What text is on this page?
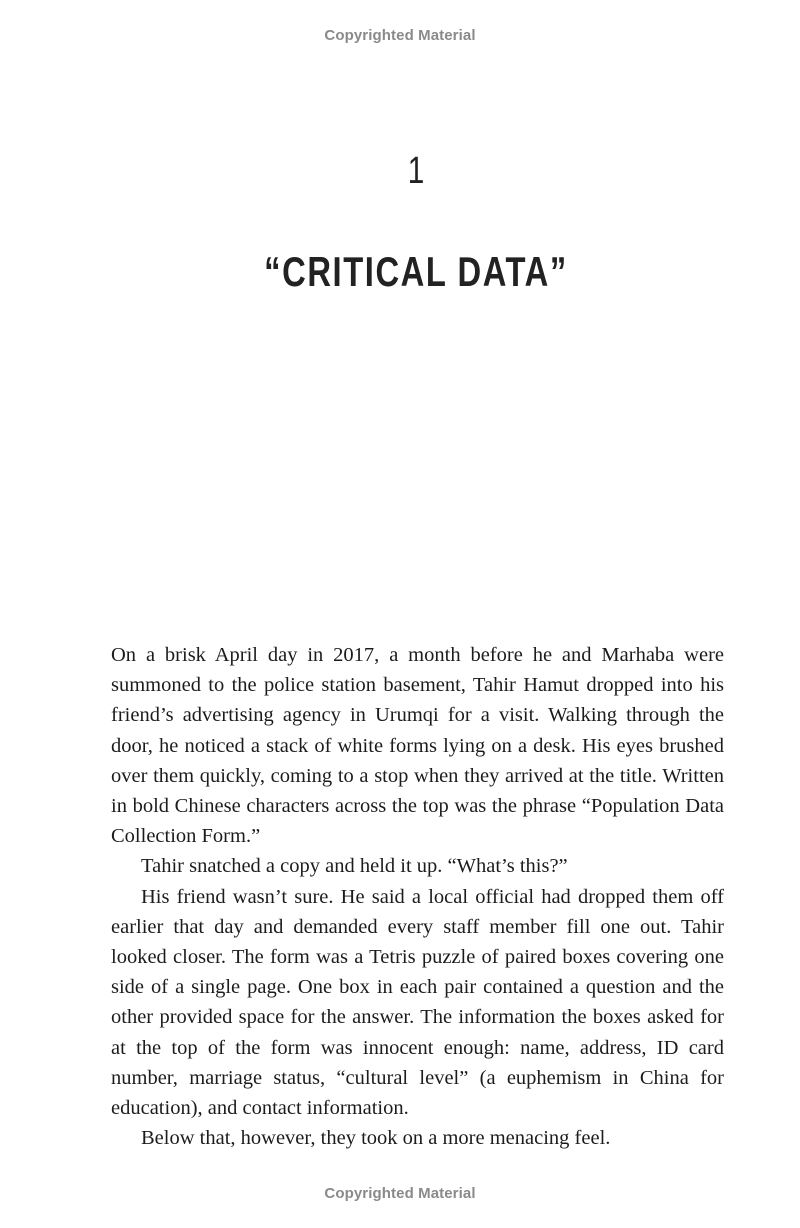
Copyrighted Material
1
“CRITICAL DATA”

On a brisk April day in 2017, a month before he and Marhaba were summoned to the police station basement, Tahir Hamut dropped into his friend’s advertising agency in Urumqi for a visit. Walking through the door, he noticed a stack of white forms lying on a desk. His eyes brushed over them quickly, coming to a stop when they arrived at the title. Written in bold Chinese characters across the top was the phrase “Population Data Collection Form.”

Tahir snatched a copy and held it up. “What’s this?”

His friend wasn’t sure. He said a local official had dropped them off earlier that day and demanded every staff member fill one out. Tahir looked closer. The form was a Tetris puzzle of paired boxes covering one side of a single page. One box in each pair contained a question and the other provided space for the answer. The information the boxes asked for at the top of the form was innocent enough: name, address, ID card number, marriage status, “cultural level” (a euphemism in China for education), and contact information.

Below that, however, they took on a more menacing feel.

Copyrighted Material
